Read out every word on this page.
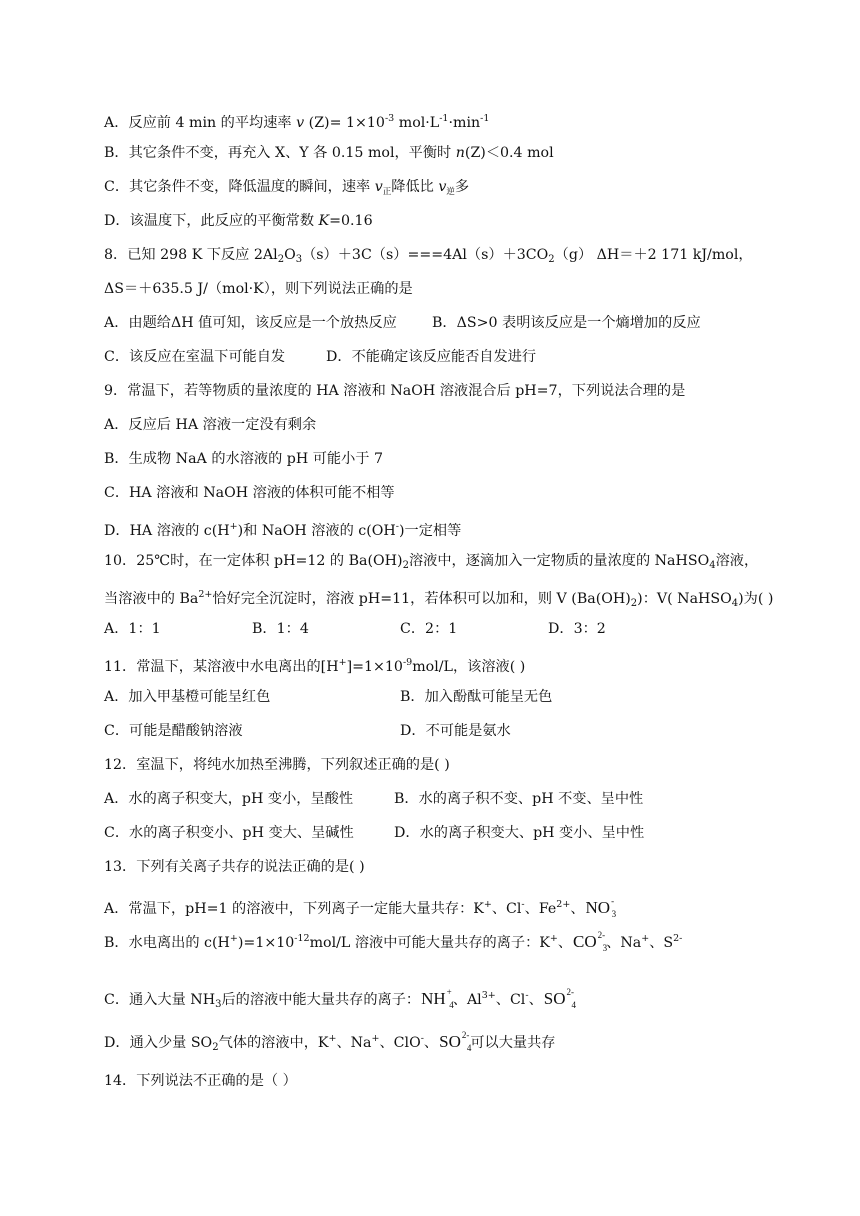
A．反应前 4 min 的平均速率 v $(Z)= 1\times 10^{-3}$ $mol\cdot L^{-1}\cdot\min^{-1}$
B．其它条件不变，再充入 X、Y 各 0.15 mol，平衡时 n(Z)＜0.4 mol
C．其它条件不变，降低温度的瞬间，速率 $v_正$降低比 $v_逆$多
D．该温度下，此反应的平衡常数 K=0.16
8．已知 298 K 下反应 $2Al_2O_3(s)+3C(s)===4Al(s)+3CO_2(g)$ ΔH＝＋2 171 kJ/mol，
ΔS＝＋635.5 J/（mol·K），则下列说法正确的是
A．由题给ΔH 值可知，该反应是一个放热反应 B．ΔS>0 表明该反应是一个熵增加的反应
C．该反应在室温下可能自发	D．不能确定该反应能否自发进行
9．常温下，若等物质的量浓度的 HA 溶液和 NaOH 溶液混合后 pH=7，下列说法合理的是
A．反应后 HA 溶液一定没有剩余
B．生成物 NaA 的水溶液的 pH 可能小于 7
C．HA 溶液和 NaOH 溶液的体积可能不相等
D．HA 溶液的 c(H+)和 NaOH 溶液的 c(OH-)一定相等
10．25℃时，在一定体积 pH=12 的 $Ba(OH)_2$溶液中，逐滴加入一定物质的量浓度的 NaHSO$_4$溶液，
当溶液中的 $Ba^{2+}$恰好完全沉淀时，溶液 pH=11，若体积可以加和，则 V $(Ba(OH)_2)$：V( NaHSO$_4$)为( )
A．1：1	B．1：4	C．2：1	D．3：2
11．常温下，某溶液中水电离出的$[H^+]=1\times 10^{-9}mol/L$，该溶液( )
A．加入甲基橙可能呈红色	B．加入酚酞可能呈无色
C．可能是醋酸钠溶液	D．不可能是氨水
12．室温下，将纯水加热至沸腾，下列叙述正确的是( )
A．水的离子积变大，pH 变小，呈酸性	B．水的离子积不变、pH 不变、呈中性
C．水的离子积变小、pH 变大、呈碱性	D．水的离子积变大、pH 变小、呈中性
13．下列有关离子共存的说法正确的是( )
A．常温下，pH=1 的溶液中，下列离子一定能大量共存：K+、Cl-、$Fe^{2+}$、NO-
3
B．水电离出的 $c(H^+)=1\times 10^{-12}mol/L$ 溶液中可能大量共存的离子：K+、$CO^{2-}$
3 、Na+、$S^{2-}$
C．通入大量 $NH_3$后的溶液中能大量共存的离子：NH+
4 、$Al^{3+}$、Cl-、$SO^{2-}$
4
D．通入少量 $SO_2$气体的溶液中，K+、Na+、ClO-、$SO^{2-}$
4 可以大量共存
14．下列说法不正确的是（ ）
